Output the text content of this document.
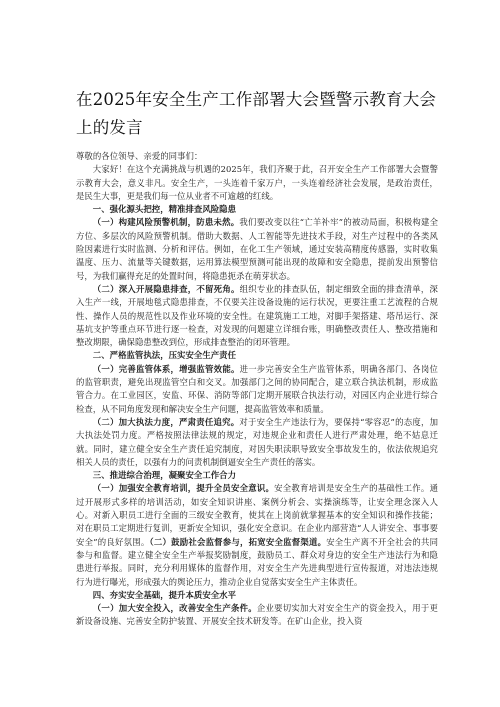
在2025年安全生产工作部署大会暨警示教育大会上的发言

尊敬的各位领导、亲爱的同事们：

大家好！在这个充满挑战与机遇的2025年，我们齐聚于此，召开安全生产工作部署大会暨警示教育大会，意义非凡。安全生产，一头连着千家万户，一头连着经济社会发展，是政治责任，是民生大事，更是我们每一位从业者不可逾越的红线。

一、强化源头把控，精准排查风险隐患

（一）构建风险预警机制，防患未然。我们要改变以往“亡羊补牢”的被动局面，积极构建全方位、多层次的风险预警机制。借助大数据、人工智能等先进技术手段，对生产过程中的各类风险因素进行实时监测、分析和评估。例如，在化工生产领域，通过安装高精度传感器，实时收集温度、压力、流量等关键数据，运用算法模型预测可能出现的故障和安全隐患，提前发出预警信号，为我们赢得充足的处置时间，将隐患扼杀在萌芽状态。

（二）深入开展隐患排查，不留死角。组织专业的排查队伍，制定细致全面的排查清单，深入生产一线，开展地毯式隐患排查，不仅要关注设备设施的运行状况，更要注重工艺流程的合规性、操作人员的规范性以及作业环境的安全性。在建筑施工工地，对脚手架搭建、塔吊运行、深基坑支护等重点环节进行逐一检查，对发现的问题建立详细台账，明确整改责任人、整改措施和整改期限，确保隐患整改到位，形成排查整治的闭环管理。

二、严格监管执法，压实安全生产责任

（一）完善监管体系，增强监管效能。进一步完善安全生产监管体系，明确各部门、各岗位的监管职责，避免出现监管空白和交叉。加强部门之间的协同配合，建立联合执法机制，形成监管合力。在工业园区，安监、环保、消防等部门定期开展联合执法行动，对园区内企业进行综合检查，从不同角度发现和解决安全生产问题，提高监管效率和质量。

（二）加大执法力度，严肃责任追究。对于安全生产违法行为，要保持“零容忍”的态度，加大执法处罚力度。严格按照法律法规的规定，对违规企业和责任人进行严肃处理，绝不姑息迁就。同时，建立健全安全生产责任追究制度，对因失职渎职导致安全事故发生的，依法依规追究相关人员的责任，以强有力的问责机制倒逼安全生产责任的落实。

三、推进综合治理，凝聚安全工作合力

（一）加强安全教育培训，提升全员安全意识。安全教育培训是安全生产的基础性工作。通过开展形式多样的培训活动，如安全知识讲座、案例分析会、实操演练等，让安全理念深入人心。对新入职员工进行全面的三级安全教育，使其在上岗前就掌握基本的安全知识和操作技能；对在职员工定期进行复训，更新安全知识，强化安全意识。在企业内部营造“人人讲安全、事事要安全”的良好氛围。（二）鼓励社会监督参与，拓宽安全监督渠道。安全生产离不开全社会的共同参与和监督。建立健全安全生产举报奖励制度，鼓励员工、群众对身边的安全生产违法行为和隐患进行举报。同时，充分利用媒体的监督作用，对安全生产先进典型进行宣传报道，对违法违规行为进行曝光，形成强大的舆论压力，推动企业自觉落实安全生产主体责任。

四、夯实安全基础，提升本质安全水平

（一）加大安全投入，改善安全生产条件。企业要切实加大对安全生产的资金投入，用于更新设备设施、完善安全防护装置、开展安全技术研发等。在矿山企业，投入资
